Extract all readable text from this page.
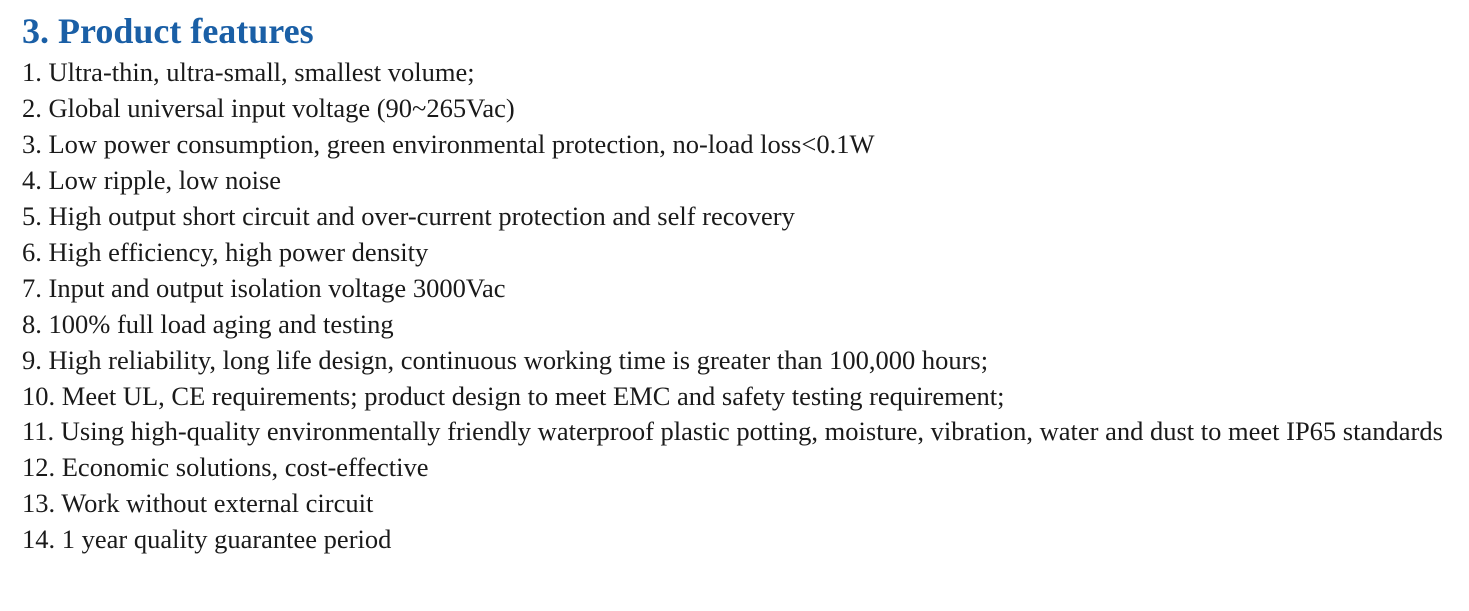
3. Product features
1. Ultra-thin, ultra-small, smallest volume;
2. Global universal input voltage (90~265Vac)
3. Low power consumption, green environmental protection, no-load loss<0.1W
4. Low ripple, low noise
5. High output short circuit and over-current protection and self recovery
6. High efficiency, high power density
7. Input and output isolation voltage 3000Vac
8. 100% full load aging and testing
9. High reliability, long life design, continuous working time is greater than 100,000 hours;
10. Meet UL, CE requirements; product design to meet EMC and safety testing requirement;
11. Using high-quality environmentally friendly waterproof plastic potting, moisture, vibration, water and dust to meet IP65 standards
12. Economic solutions, cost-effective
13. Work without external circuit
14. 1 year quality guarantee period
